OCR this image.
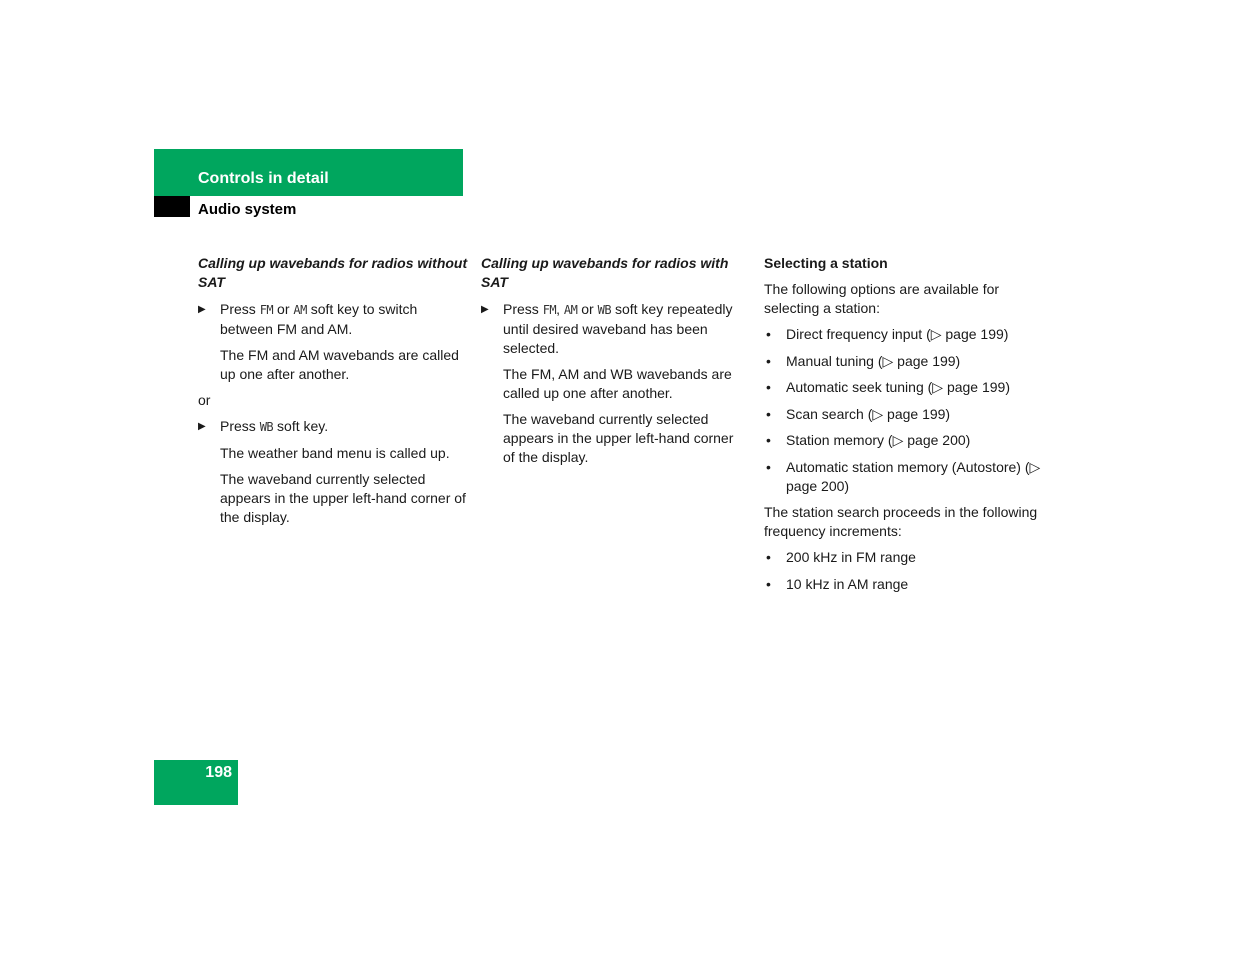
Controls in detail
Audio system
Calling up wavebands for radios without SAT
▶ Press FM or AM soft key to switch between FM and AM.
The FM and AM wavebands are called up one after another.
or
▶ Press WB soft key.
The weather band menu is called up.
The waveband currently selected appears in the upper left-hand corner of the display.
Calling up wavebands for radios with SAT
▶ Press FM, AM or WB soft key repeatedly until desired waveband has been selected.
The FM, AM and WB wavebands are called up one after another.
The waveband currently selected appears in the upper left-hand corner of the display.
Selecting a station
The following options are available for selecting a station:
• Direct frequency input (▷ page 199)
• Manual tuning (▷ page 199)
• Automatic seek tuning (▷ page 199)
• Scan search (▷ page 199)
• Station memory (▷ page 200)
• Automatic station memory (Autostore) (▷ page 200)
The station search proceeds in the following frequency increments:
• 200 kHz in FM range
• 10 kHz in AM range
198
